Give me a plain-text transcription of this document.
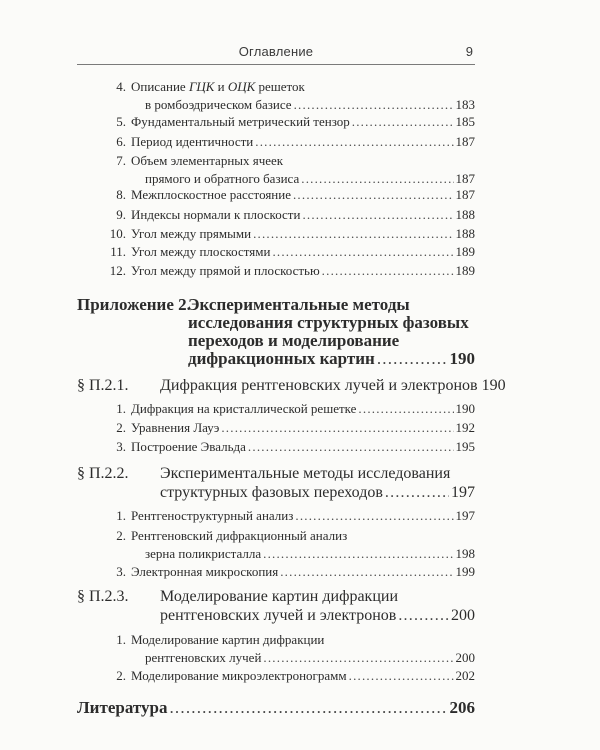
Оглавление	9
4. Описание ГЦК и ОЦК решеток
в ромбоэдрическом базисе .....	183
5. Фундаментальный метрический тензор .....	185
6. Период идентичности .....	187
7. Объем элементарных ячеек
прямого и обратного базиса .....	187
8. Межплоскостное расстояние .....	187
9. Индексы нормали к плоскости .....	188
10. Угол между прямыми .....	188
11. Угол между плоскостями .....	189
12. Угол между прямой и плоскостью .....	189
Приложение 2.
Экспериментальные методы
исследования структурных фазовых
переходов и моделирование
дифракционных картин .....	190
§ П.2.1. Дифракция рентгеновских лучей и электронов 190
1. Дифракция на кристаллической решетке .....	190
2. Уравнения Лауэ .....	192
3. Построение Эвальда .....	195
§ П.2.2. Экспериментальные методы исследования
структурных фазовых переходов .....	197
1. Рентгеноструктурный анализ .....	197
2. Рентгеновский дифракционный анализ
зерна поликристалла .....	198
3. Электронная микроскопия .....	199
§ П.2.3. Моделирование картин дифракции
рентгеновских лучей и электронов .....	200
1. Моделирование картин дифракции
рентгеновских лучей .....	200
2. Моделирование микроэлектронограмм .....	202
Литература .....	206
